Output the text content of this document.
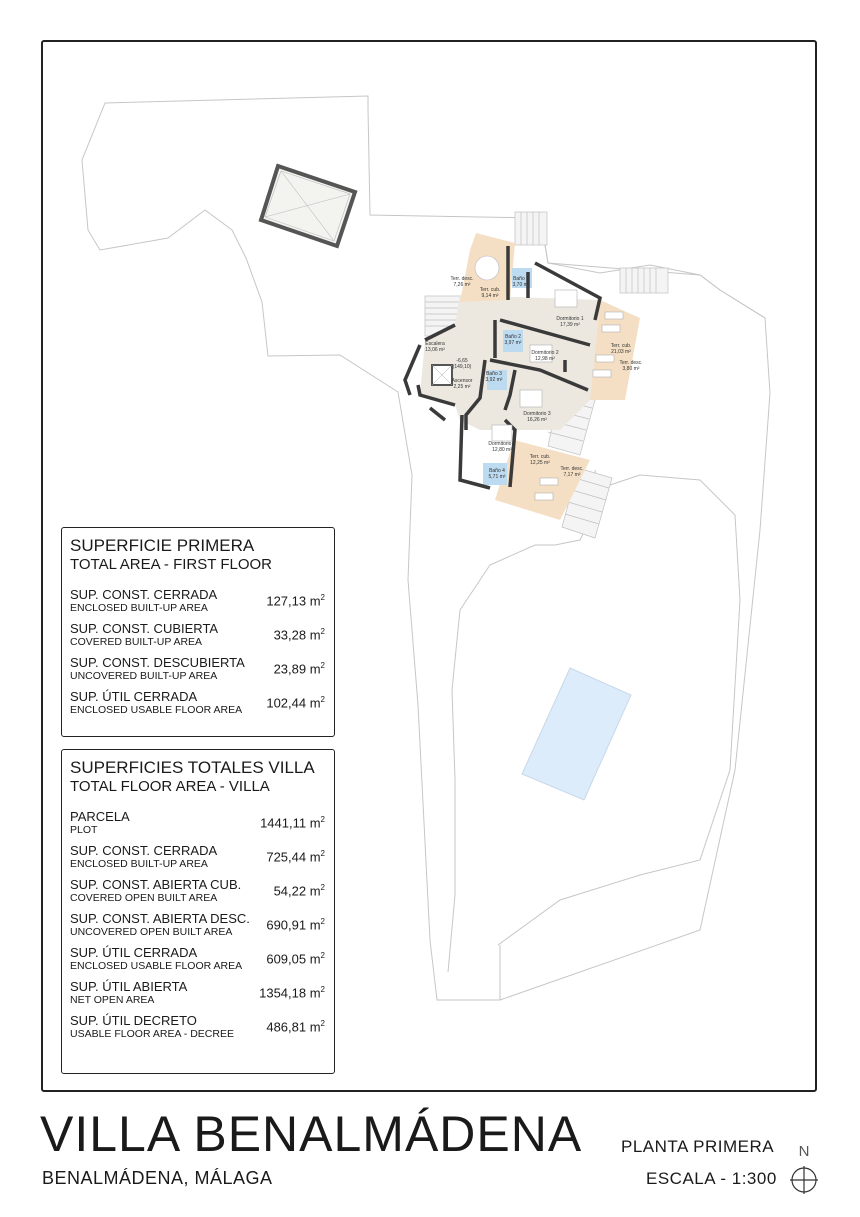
Terr. desc.
7,26 m²
Terr. cub.
9,14 m²
Baño 1
3,70 m²
Dormitorio 1
17,39 m²
Terr. cub.
21,03 m²
Terr. desc.
3,80 m²
Escalera
13,06 m²
-6,65
(149,10)
Baño 2
3,97 m²
Dormitorio 2
12,98 m²
Baño 3
3,92 m²
Ascensor
2,25 m²
Dormitorio 3
16,26 m²
Dormitorio 4
12,80 m²
Terr. cub.
12,25 m²
Terr. desc.
7,17 m²
Baño 4
5,71 m²
SUPERFICIE PRIMERA
TOTAL AREA - FIRST FLOOR
SUP. CONST. CERRADA
ENCLOSED BUILT-UP AREA	127,13 $m^2$
SUP. CONST. CUBIERTA
COVERED BUILT-UP AREA	33,28 $m^2$
SUP. CONST. DESCUBIERTA
UNCOVERED BUILT-UP AREA	23,89 $m^2$
SUP. ÚTIL CERRADA
ENCLOSED USABLE FLOOR AREA 102,44 $m^2$
SUPERFICIES TOTALES VILLA
TOTAL FLOOR AREA - VILLA
PARCELA
PLOT	1441,11 $m^2$
SUP. CONST. CERRADA
ENCLOSED BUILT-UP AREA	725,44 $m^2$
SUP. CONST. ABIERTA CUB.
COVERED OPEN BUILT AREA	54,22 $m^2$
SUP. CONST. ABIERTA DESC.
UNCOVERED OPEN BUILT AREA	690,91 $m^2$
SUP. ÚTIL CERRADA
ENCLOSED USABLE FLOOR AREA 609,05 $m^2$
SUP. ÚTIL ABIERTA
NET OPEN AREA	1354,18 $m^2$
SUP. ÚTIL DECRETO
USABLE FLOOR AREA - DECREE 486,81 $m^2$
VILLA BENALMÁDENA
BENALMÁDENA, MÁLAGA
PLANTA PRIMERA
ESCALA - 1:300
N
